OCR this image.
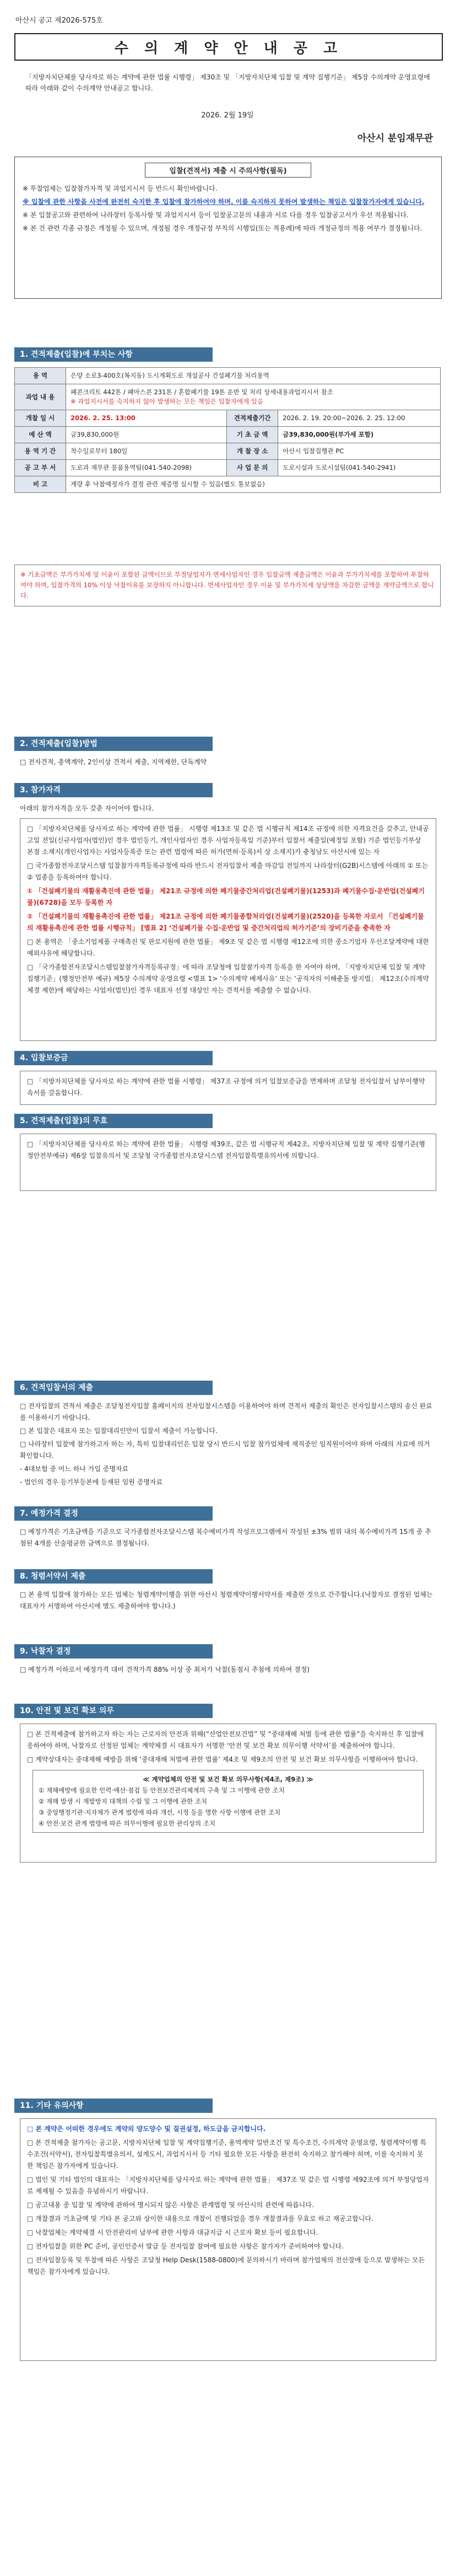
아산시 공고 제2026-575호
수 의 계 약 안 내 공 고
「지방자치단체를 당사자로 하는 계약에 관한 법률 시행령」 제30조 및 「지방자치단체 입찰 및 계약 집행기준」 제5장 수의계약 운영요령에 따라 아래와 같이 수의계약 안내공고 합니다.
2026. 2월 19일
아산시 분임재무관
입찰(견적서) 제출 시 주의사항(필독)
※ 투찰업체는 입찰참가자격 및 과업지시서 등 반드시 확인바랍니다.
※ 입찰에 관한 사항을 사전에 완전히 숙지한 후 입찰에 참가하여야 하며, 이를 숙지하지 못하여 발생하는 책임은 입찰참가자에게 있습니다.
※ 본 입찰공고와 관련하여 나라장터 등록사항 및 과업지시서 등이 입찰공고문의 내용과 서로 다를 경우 입찰공고서가 우선 적용됩니다.
※ 본 건 관련 각종 규정은 개정될 수 있으며, 개정될 경우 개정규정 부칙의 시행일(또는 적용례)에 따라 개정규정의 적용 여부가 결정됩니다.
1. 견적제출(입찰)에 부치는 사항
용 역	은양 소로3-400호(복지동) 도시계획도로 개설공사 건설폐기물 처리용역		
과업 내 용	폐콘크리트 442톤 / 폐아스콘 231톤 / 혼합폐기물 19톤 운반 및 처리 상세내용과업지시서 참조
※ 과업지시서를 숙지하지 않아 발생하는 모든 책임은 입찰자에게 있음		

개찰 일 시	2026. 2. 25. 13:00	견적제출기간	2026. 2. 19. 20:00~2026. 2. 25. 12:00
예 산 액	금39,830,000원	기 초 금 액	금39,830,000원(부가세 포함)
용 역 기 간	착수일로부터 180일	개 찰 장 소	아산시 입찰집행관 PC
공 고 부 서	도로과 재무관 물품용역팀(041-540-2098)	사 업 문 의	도로시설과 도로시설팀(041-540-2941)
비 고	계량 후 낙찰예정자가 결정 관련 제증명 실시할 수 있음(별도 통보없음)		
※ 기초금액은 부가가치세 및 이윤이 포함된 금액이므로 부정당업자가 면세사업자인 경우 입찰금액 제출금액은 이윤과 부가가치세를 포함하여 투찰하여야 하며, 입찰가격의 10% 이상 낙찰이유를 보장하지 아니합니다. 면세사업자인 경우 이윤 및 부가가치세 상당액을 차감한 금액을 계약금액으로 합니다.
2. 견적제출(입찰)방법
□ 전자견적, 총액계약, 2인이상 견적서 제출, 지역제한, 단독계약
3. 참가자격
아래의 참가자격을 모두 갖춘 자이어야 합니다.

□ 「지방자치단체를 당사자로 하는 계약에 관한 법률」 시행령 제13조 및 같은 법 시행규칙 제14조 규정에 의한 자격요건을 갖추고, 안내공고일 전일(신규사업자(법인)인 경우 법인등기, 개인사업자인 경우 사업자등록일 기준)부터 입찰서 제출일(예정일 포함) 기준 법인등기부상 본점 소재지(개인사업자는 사업자등록증 또는 관련 법령에 따른 허가(면허·등록)서 상 소재지)가 충청남도 아산시에 있는 자

□ 국가종합전자조달시스템 입찰참가자격등록규정에 따라 반드시 전자입찰서 제출 마감일 전일까지 나라장터(G2B)시스템에 아래의 ① 또는 ② 업종을 등록하여야 합니다.

① 「건설폐기물의 재활용촉진에 관한 법률」 제21조 규정에 의한 폐기물중간처리업(건설폐기물)(1253)과 폐기물수집·운반업(건설폐기물)(6728)을 모두 등록한 자

② 「건설폐기물의 재활용촉진에 관한 법률」 제21조 규정에 의한 폐기물종합처리업(건설폐기물)(2520)을 등록한 자로서 「건설폐기물의 재활용촉진에 관한 법률 시행규칙」 [별표 2] ‘건설폐기물 수집·운반업 및 중간처리업의 허가기준’의 장비기준을 충족한 자

□ 본 용역은 「중소기업제품 구매촉진 및 판로지원에 관한 법률」 제9조 및 같은 법 시행령 제12조에 의한 중소기업자 우선조달계약에 대한 예외사유에 해당합니다.

□ 「국가종합전자조달시스템입찰참가자격등록규정」에 따라 조달청에 입찰참가자격 등록을 한 자여야 하며, 「지방자치단체 입찰 및 계약집행기준」(행정안전부 예규) 제5장 수의계약 운영요령 <별표 1> ‘수의계약 배제사유’ 또는 ‘공직자의 이해충돌 방지법」 제12조(수의계약 체결 제한)에 해당하는 사업자(법인)인 경우 대표자 선정 대상인 자는 견적서를 제출할 수 없습니다.

4. 입찰보증금

□ 「지방자치단체를 당사자로 하는 계약에 관한 법률 시행령」 제37조 규정에 의거 입찰보증금을 면제하며 조달청 전자입찰서 납부이행약속서를 갈음합니다.

5. 견적제출(입찰)의 무효

□ 「지방자치단체를 당사자로 하는 계약에 관한 법률」 시행령 제39조, 같은 법 시행규칙 제42조, 지방자치단체 입찰 및 계약 집행기준(행정안전부예규) 제6장 입찰유의서 및 조달청 국가종합전자조달시스템 전자입찰특별유의서에 의합니다.

6. 견적입찰서의 제출

□ 전자입찰의 견적서 제출은 조달청전자입찰 홈페이지의 전자입찰시스템을 이용하여야 하며 견적서 제출의 확인은 전자입찰시스템의 송신 완료를 이용하시기 바랍니다.

□ 본 입찰은 대표자 또는 입찰대리인만이 입찰서 제출이 가능합니다.

□ 나라장터 입찰에 참가하고자 하는 자, 특히 입찰대리인은 입찰 당시 반드시 입찰 참가업체에 재직중인 임직원이어야 하며 아래의 자료에 의거 확인합니다.

- 4대보험 중 어느 하나 가입 증명자료

- 법인의 경우 등기부등본에 등재된 임원 증명자료

7. 예정가격 결정
□ 예정가격은 기초금액을 기준으로 국가종합전자조달시스템 복수예비가격 작성프로그램에서 작성된 ±3% 범위 내의 복수예비가격 15개 중 추첨된 4개를 산술평균한 금액으로 결정됩니다.
8. 청렴서약서 제출
□ 본 용역 입찰에 참가하는 모든 업체는 청렴계약이행을 위한 아산시 청렴계약이행서약서를 제출한 것으로 간주합니다.(낙찰자로 결정된 업체는 대표자가 서명하여 아산시에 별도 제출하여야 합니다.)
9. 낙찰자 결정
□ 예정가격 이하로서 예정가격 대비 견적가격 88% 이상 중 최저가 낙찰(동점시 추첨에 의하여 결정)
10. 안전 및 보건 확보 의무

□ 본 건적제출에 참가하고자 하는 자는 근로자의 안전과 위해(“산업안전보건법” 및 “중대재해 처벌 등에 관한 법률”을 숙지하신 후 입찰에 응하여야 하며, 낙찰자로 선정된 업체는 계약체결 시 대표자가 서명한 ‘안전 및 보건 확보 의무이행 서약서’를 제출하여야 합니다.

□ 계약상대자는 중대재해 예방을 위해 ‘중대재해 처벌에 관한 법률’ 제4조 및 제9조의 안전 및 보건 확보 의무사항을 이행하여야 합니다.

≪ 계약업체의 안전 및 보건 확보 의무사항(제4조, 제9조) ≫
① 재해예방에 필요한 인력·예산·점검 등 안전보건관리체계의 구축 및 그 이행에 관한 조치
② 재해 발생 시 재발방지 대책의 수립 및 그 이행에 관한 조치
③ 중앙행정기관·지자체가 관계 법령에 따라 개선, 시정 등을 명한 사항 이행에 관한 조치
④ 안전·보건 관계 법령에 따른 의무이행에 필요한 관리상의 조치
11. 기타 유의사항

□ 본 계약은 어떠한 경우에도 계약의 양도양수 및 질권설정, 하도급을 금지합니다.

□ 본 견적제출 참가자는 공고문, 지방자치단체 입찰 및 계약집행기준, 용역계약 일반조건 및 특수조건, 수의계약 운영요령, 청렴계약이행 특수조건(서약서), 전자입찰특별유의서, 설계도서, 과업지시서 등 기타 필요한 모든 사항을 완전히 숙지하고 참가해야 하며, 이를 숙지하지 못한 책임은 참가자에게 있습니다.

□ 법인 및 기타 법인의 대표자는 「지방자치단체를 당사자로 하는 계약에 관한 법률」 제37조 및 같은 법 시행령 제92조에 의거 부정당업자로 제재될 수 있음을 유념하시기 바랍니다.

□ 공고내용 중 입찰 및 계약에 관하여 명시되지 않은 사항은 관계법령 및 아산시의 관련에 따릅니다.

□ 개찰결과 기초금액 및 기타 본 공고와 상이한 내용으로 개찰이 진행되었을 경우 개찰결과를 무효로 하고 재공고합니다.

□ 낙찰업체는 계약체결 시 안전관리비 납부에 관한 사항과 대금지급 시 근로자 확보 등이 필요합니다.

□ 전자입찰을 위한 PC 준비, 공인인증서 발급 등 전자입찰 참여에 필요한 사항은 참가자가 준비하여야 합니다.

□ 전자입찰등록 및 투찰에 따른 사항은 조달청 Help Desk(1588-0800)에 문의하시기 바라며 참가업체의 전산장애 등으로 발생하는 모든 책임은 참가자에게 있습니다.
